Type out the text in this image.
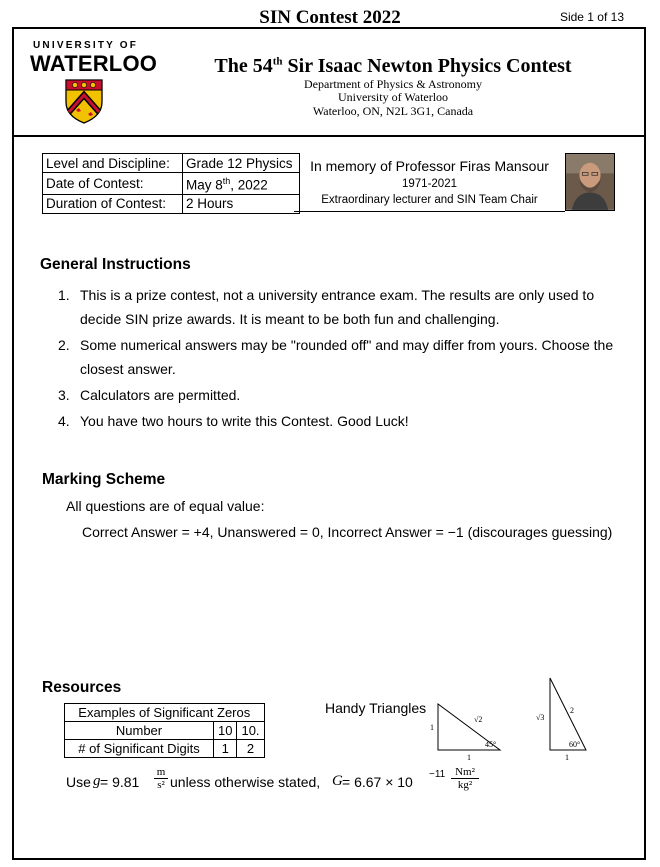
SIN Contest 2022	Side 1 of 13
UNIVERSITY OF
WATERLOO	The 54th Sir Isaac Newton Physics Contest
Department of Physics & Astronomy
University of Waterloo
Waterloo, ON, N2L 3G1, Canada
Level and Discipline:	Grade 12 Physics
Date of Contest:	May 8th, 2022
Duration of Contest:	2 Hours
In memory of Professor Firas Mansour
1971-2021
Extraordinary lecturer and SIN Team Chair
General Instructions
1. This is a prize contest, not a university entrance exam. The results are only used to decide SIN prize awards. It is meant to be both fun and challenging.
2. Some numerical answers may be "rounded off" and may differ from yours. Choose the closest answer.
3. Calculators are permitted.
4. You have two hours to write this Contest. Good Luck!
Marking Scheme
All questions are of equal value:
Correct Answer = +4, Unanswered = 0, Incorrect Answer = −1 (discourages guessing)
Resources
Examples of Significant Zeros		
Number	10	10.
# of Significant Digits	1	2
Handy Triangles
1
√2
1
45°
√3
2
1
60°
Use g = 9.81
m
s² unless otherwise stated, G = 6.67 × 10 −11 Nm²
kg²
